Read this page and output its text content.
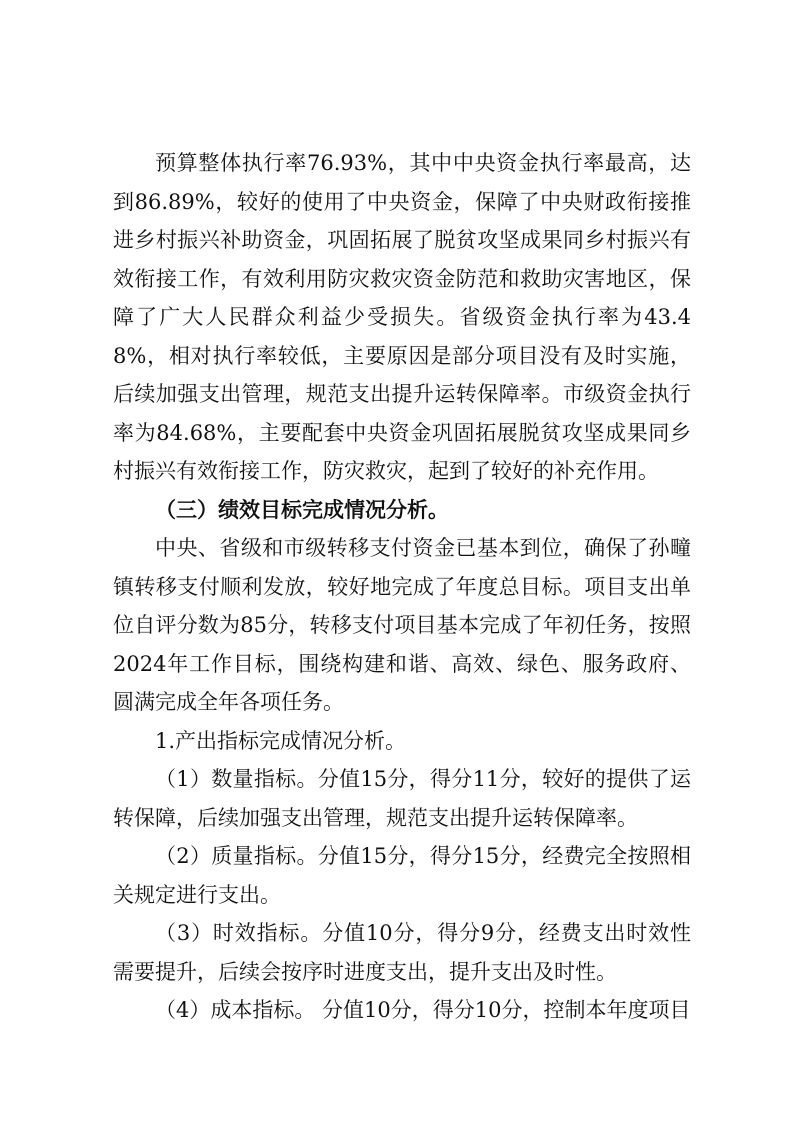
预算整体执行率76.93%，其中中央资金执行率最高，达到86.89%，较好的使用了中央资金，保障了中央财政衔接推进乡村振兴补助资金，巩固拓展了脱贫攻坚成果同乡村振兴有效衔接工作，有效利用防灾救灾资金防范和救助灾害地区，保障了广大人民群众利益少受损失。省级资金执行率为43.48%，相对执行率较低，主要原因是部分项目没有及时实施，后续加强支出管理，规范支出提升运转保障率。市级资金执行率为84.68%，主要配套中央资金巩固拓展脱贫攻坚成果同乡村振兴有效衔接工作，防灾救灾，起到了较好的补充作用。

（三）绩效目标完成情况分析。

中央、省级和市级转移支付资金已基本到位，确保了孙疃镇转移支付顺利发放，较好地完成了年度总目标。项目支出单位自评分数为85分，转移支付项目基本完成了年初任务，按照2024年工作目标，围绕构建和谐、高效、绿色、服务政府、圆满完成全年各项任务。

1.产出指标完成情况分析。

（1）数量指标。分值15分，得分11分，较好的提供了运转保障，后续加强支出管理，规范支出提升运转保障率。

（2）质量指标。分值15分，得分15分，经费完全按照相关规定进行支出。

（3）时效指标。分值10分，得分9分，经费支出时效性需要提升，后续会按序时进度支出，提升支出及时性。

（4）成本指标。 分值10分，得分10分，控制本年度项目
